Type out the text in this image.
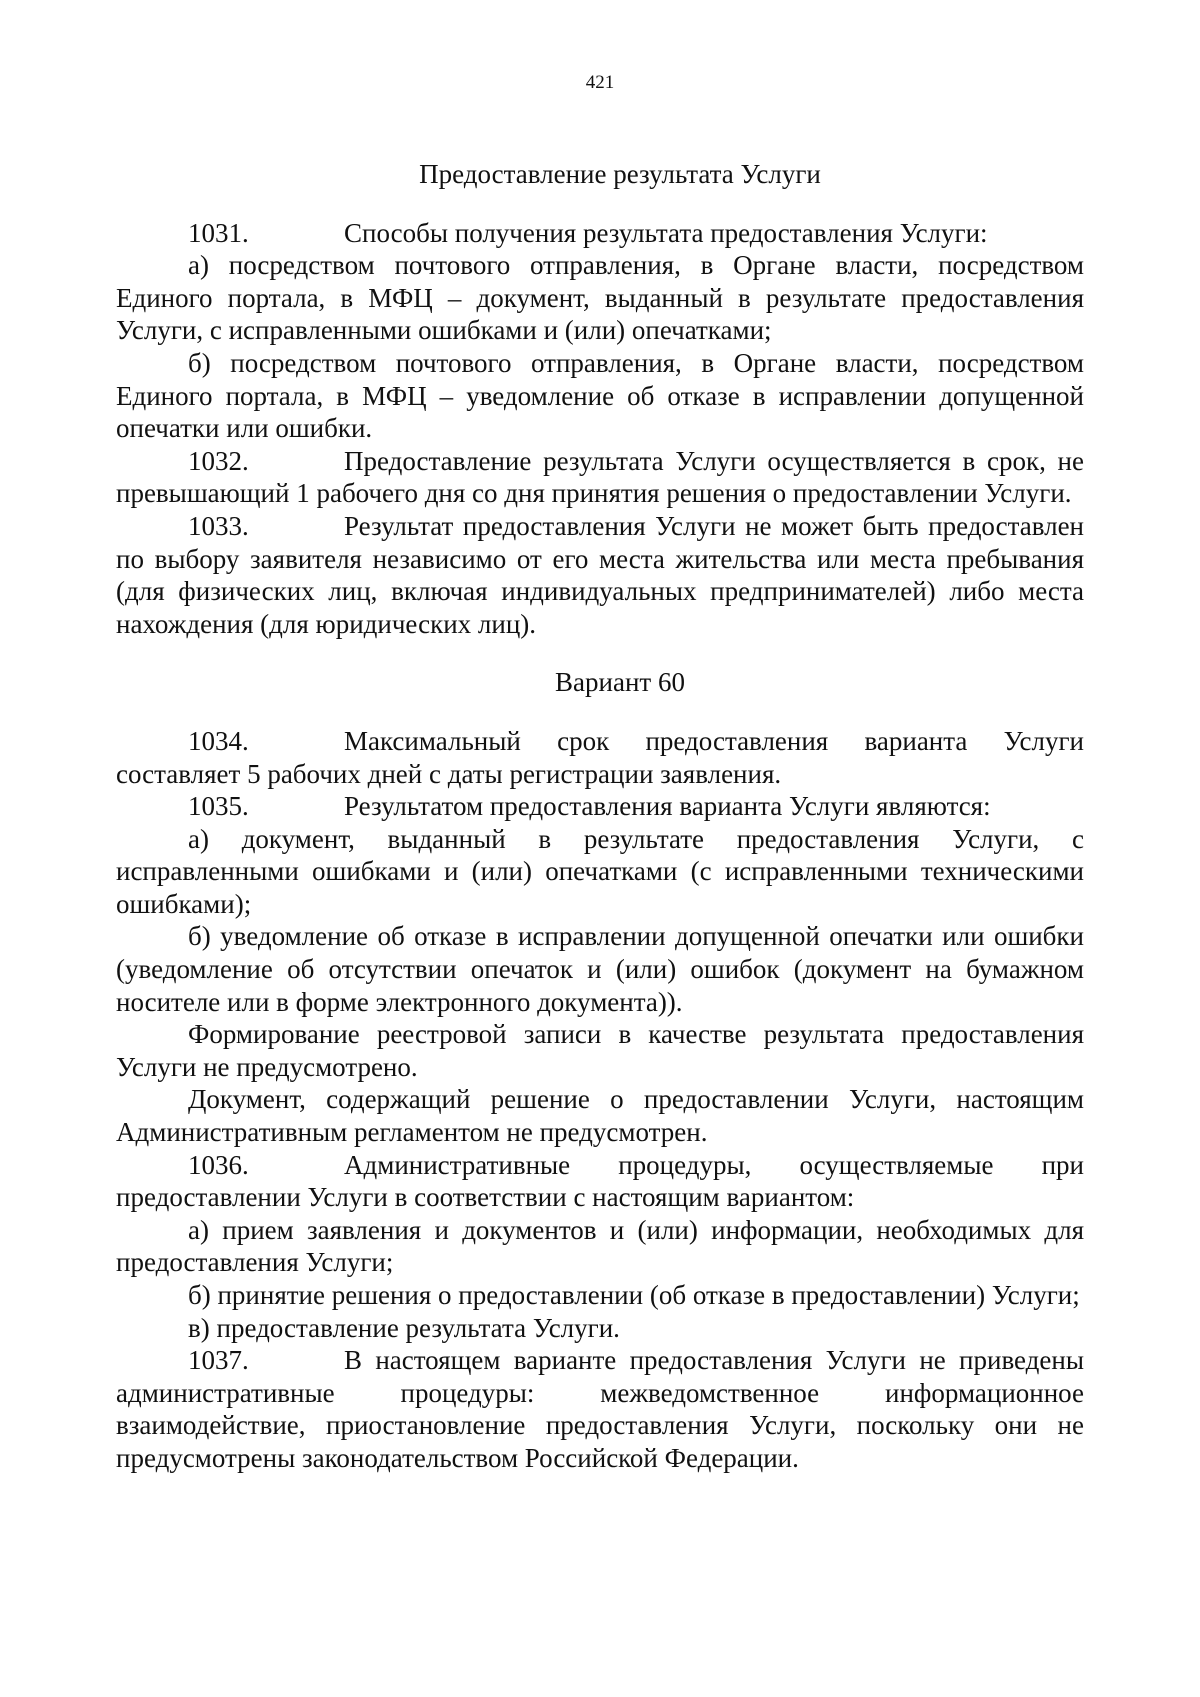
421

Предоставление результата Услуги

1031.	Способы получения результата предоставления Услуги:

а) посредством почтового отправления, в Органе власти, посредством Единого портала, в МФЦ – документ, выданный в результате предоставления Услуги, с исправленными ошибками и (или) опечатками;

б) посредством почтового отправления, в Органе власти, посредством Единого портала, в МФЦ – уведомление об отказе в исправлении допущенной опечатки или ошибки.

1032.	Предоставление результата Услуги осуществляется в срок, не превышающий 1 рабочего дня со дня принятия решения о предоставлении Услуги.

1033.	Результат предоставления Услуги не может быть предоставлен по выбору заявителя независимо от его места жительства или места пребывания (для физических лиц, включая индивидуальных предпринимателей) либо места нахождения (для юридических лиц).

Вариант 60

1034.	Максимальный срок предоставления варианта Услуги составляет 5 рабочих дней с даты регистрации заявления.

1035.	Результатом предоставления варианта Услуги являются:

а) документ, выданный в результате предоставления Услуги, с исправленными ошибками и (или) опечатками (с исправленными техническими ошибками);

б) уведомление об отказе в исправлении допущенной опечатки или ошибки (уведомление об отсутствии опечаток и (или) ошибок (документ на бумажном носителе или в форме электронного документа)).

Формирование реестровой записи в качестве результата предоставления Услуги не предусмотрено.

Документ, содержащий решение о предоставлении Услуги, настоящим Административным регламентом не предусмотрен.

1036.	Административные процедуры, осуществляемые при предоставлении Услуги в соответствии с настоящим вариантом:

а) прием заявления и документов и (или) информации, необходимых для предоставления Услуги;

б) принятие решения о предоставлении (об отказе в предоставлении) Услуги;

в) предоставление результата Услуги.

1037.	В настоящем варианте предоставления Услуги не приведены административные процедуры: межведомственное информационное взаимодействие, приостановление предоставления Услуги, поскольку они не предусмотрены законодательством Российской Федерации.
